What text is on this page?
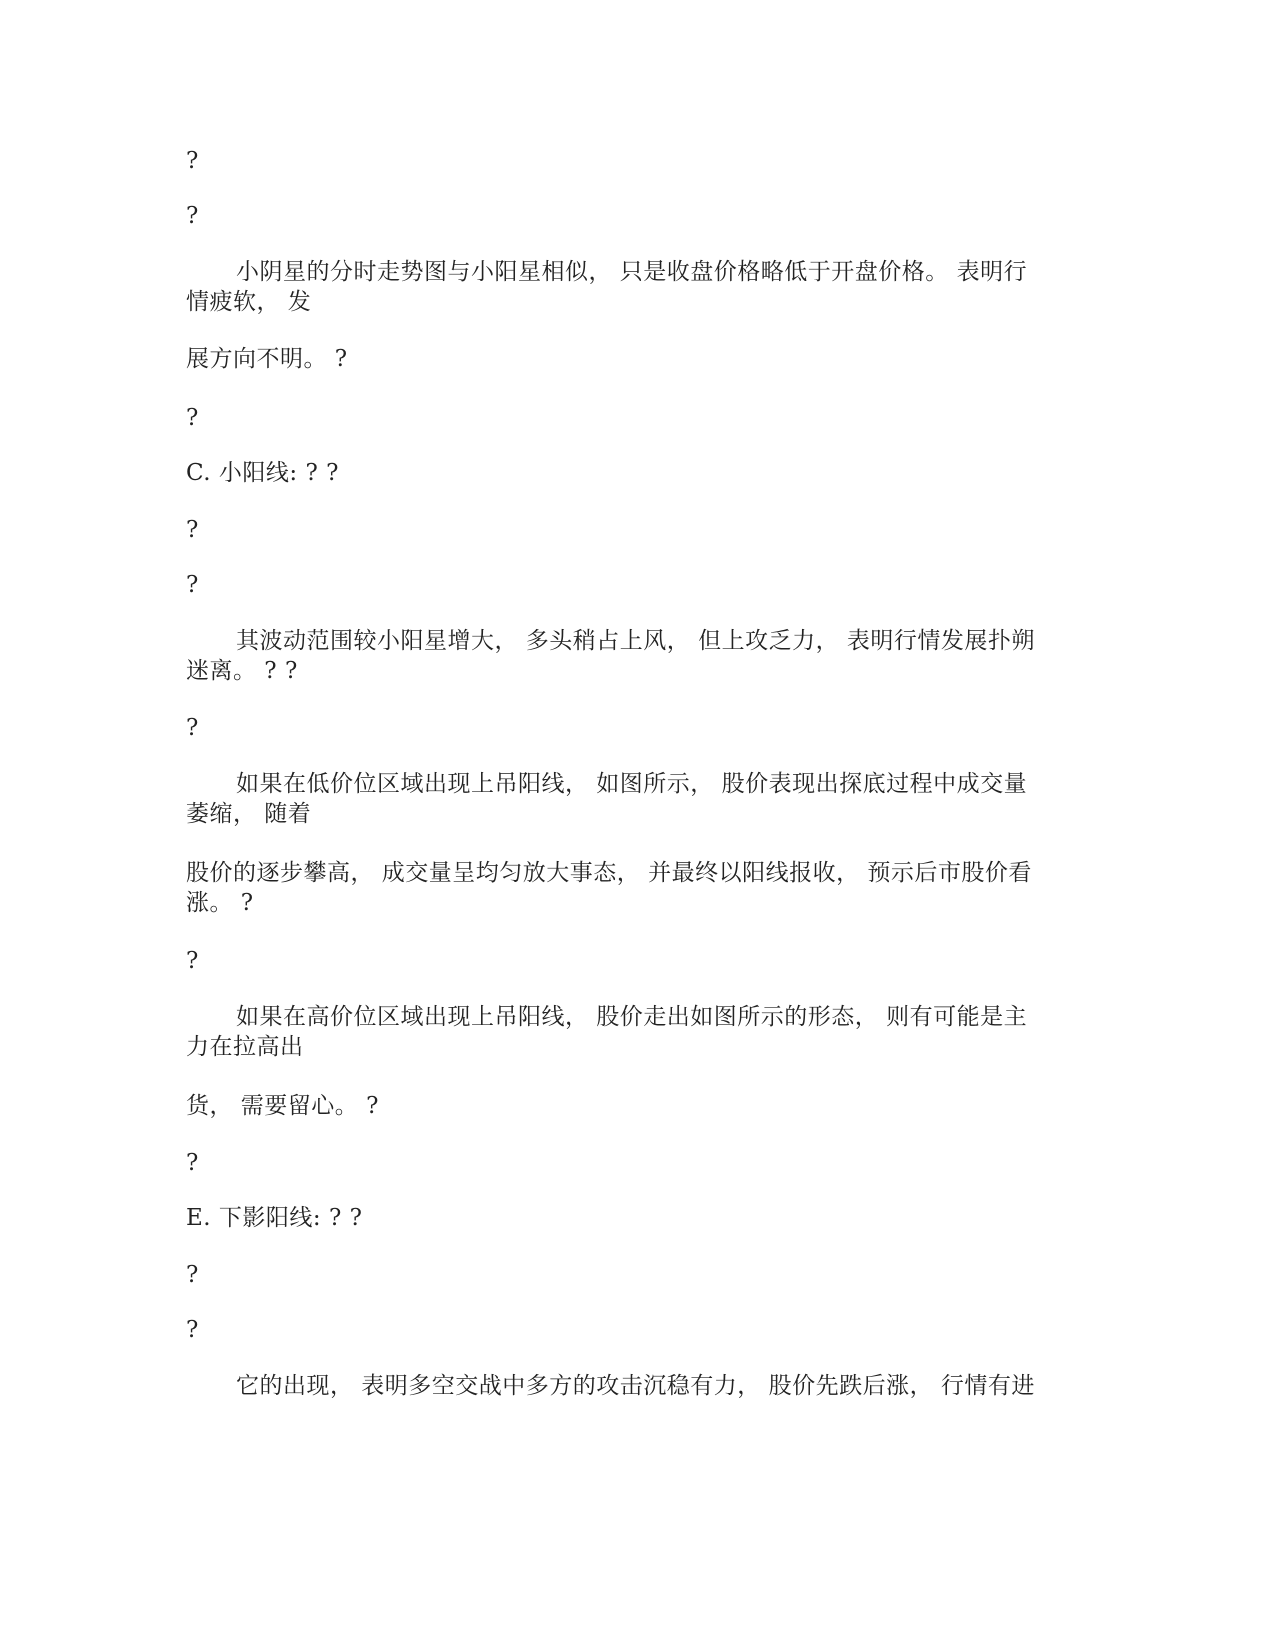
?
?
小阴星的分时走势图与小阳星相似， 只是收盘价格略低于开盘价格。 表明行
情疲软， 发
展方向不明。 ?
?
C. 小阳线: ? ?
?
?
其波动范围较小阳星增大， 多头稍占上风， 但上攻乏力， 表明行情发展扑朔
迷离。 ? ?
?
如果在低价位区域出现上吊阳线， 如图所示， 股价表现出探底过程中成交量
萎缩， 随着
股价的逐步攀高， 成交量呈均匀放大事态， 并最终以阳线报收， 预示后市股价看
涨。 ?
?
如果在高价位区域出现上吊阳线， 股价走出如图所示的形态， 则有可能是主
力在拉高出
货， 需要留心。 ?
?
E. 下影阳线: ? ?
?
?
它的出现， 表明多空交战中多方的攻击沉稳有力， 股价先跌后涨， 行情有进
